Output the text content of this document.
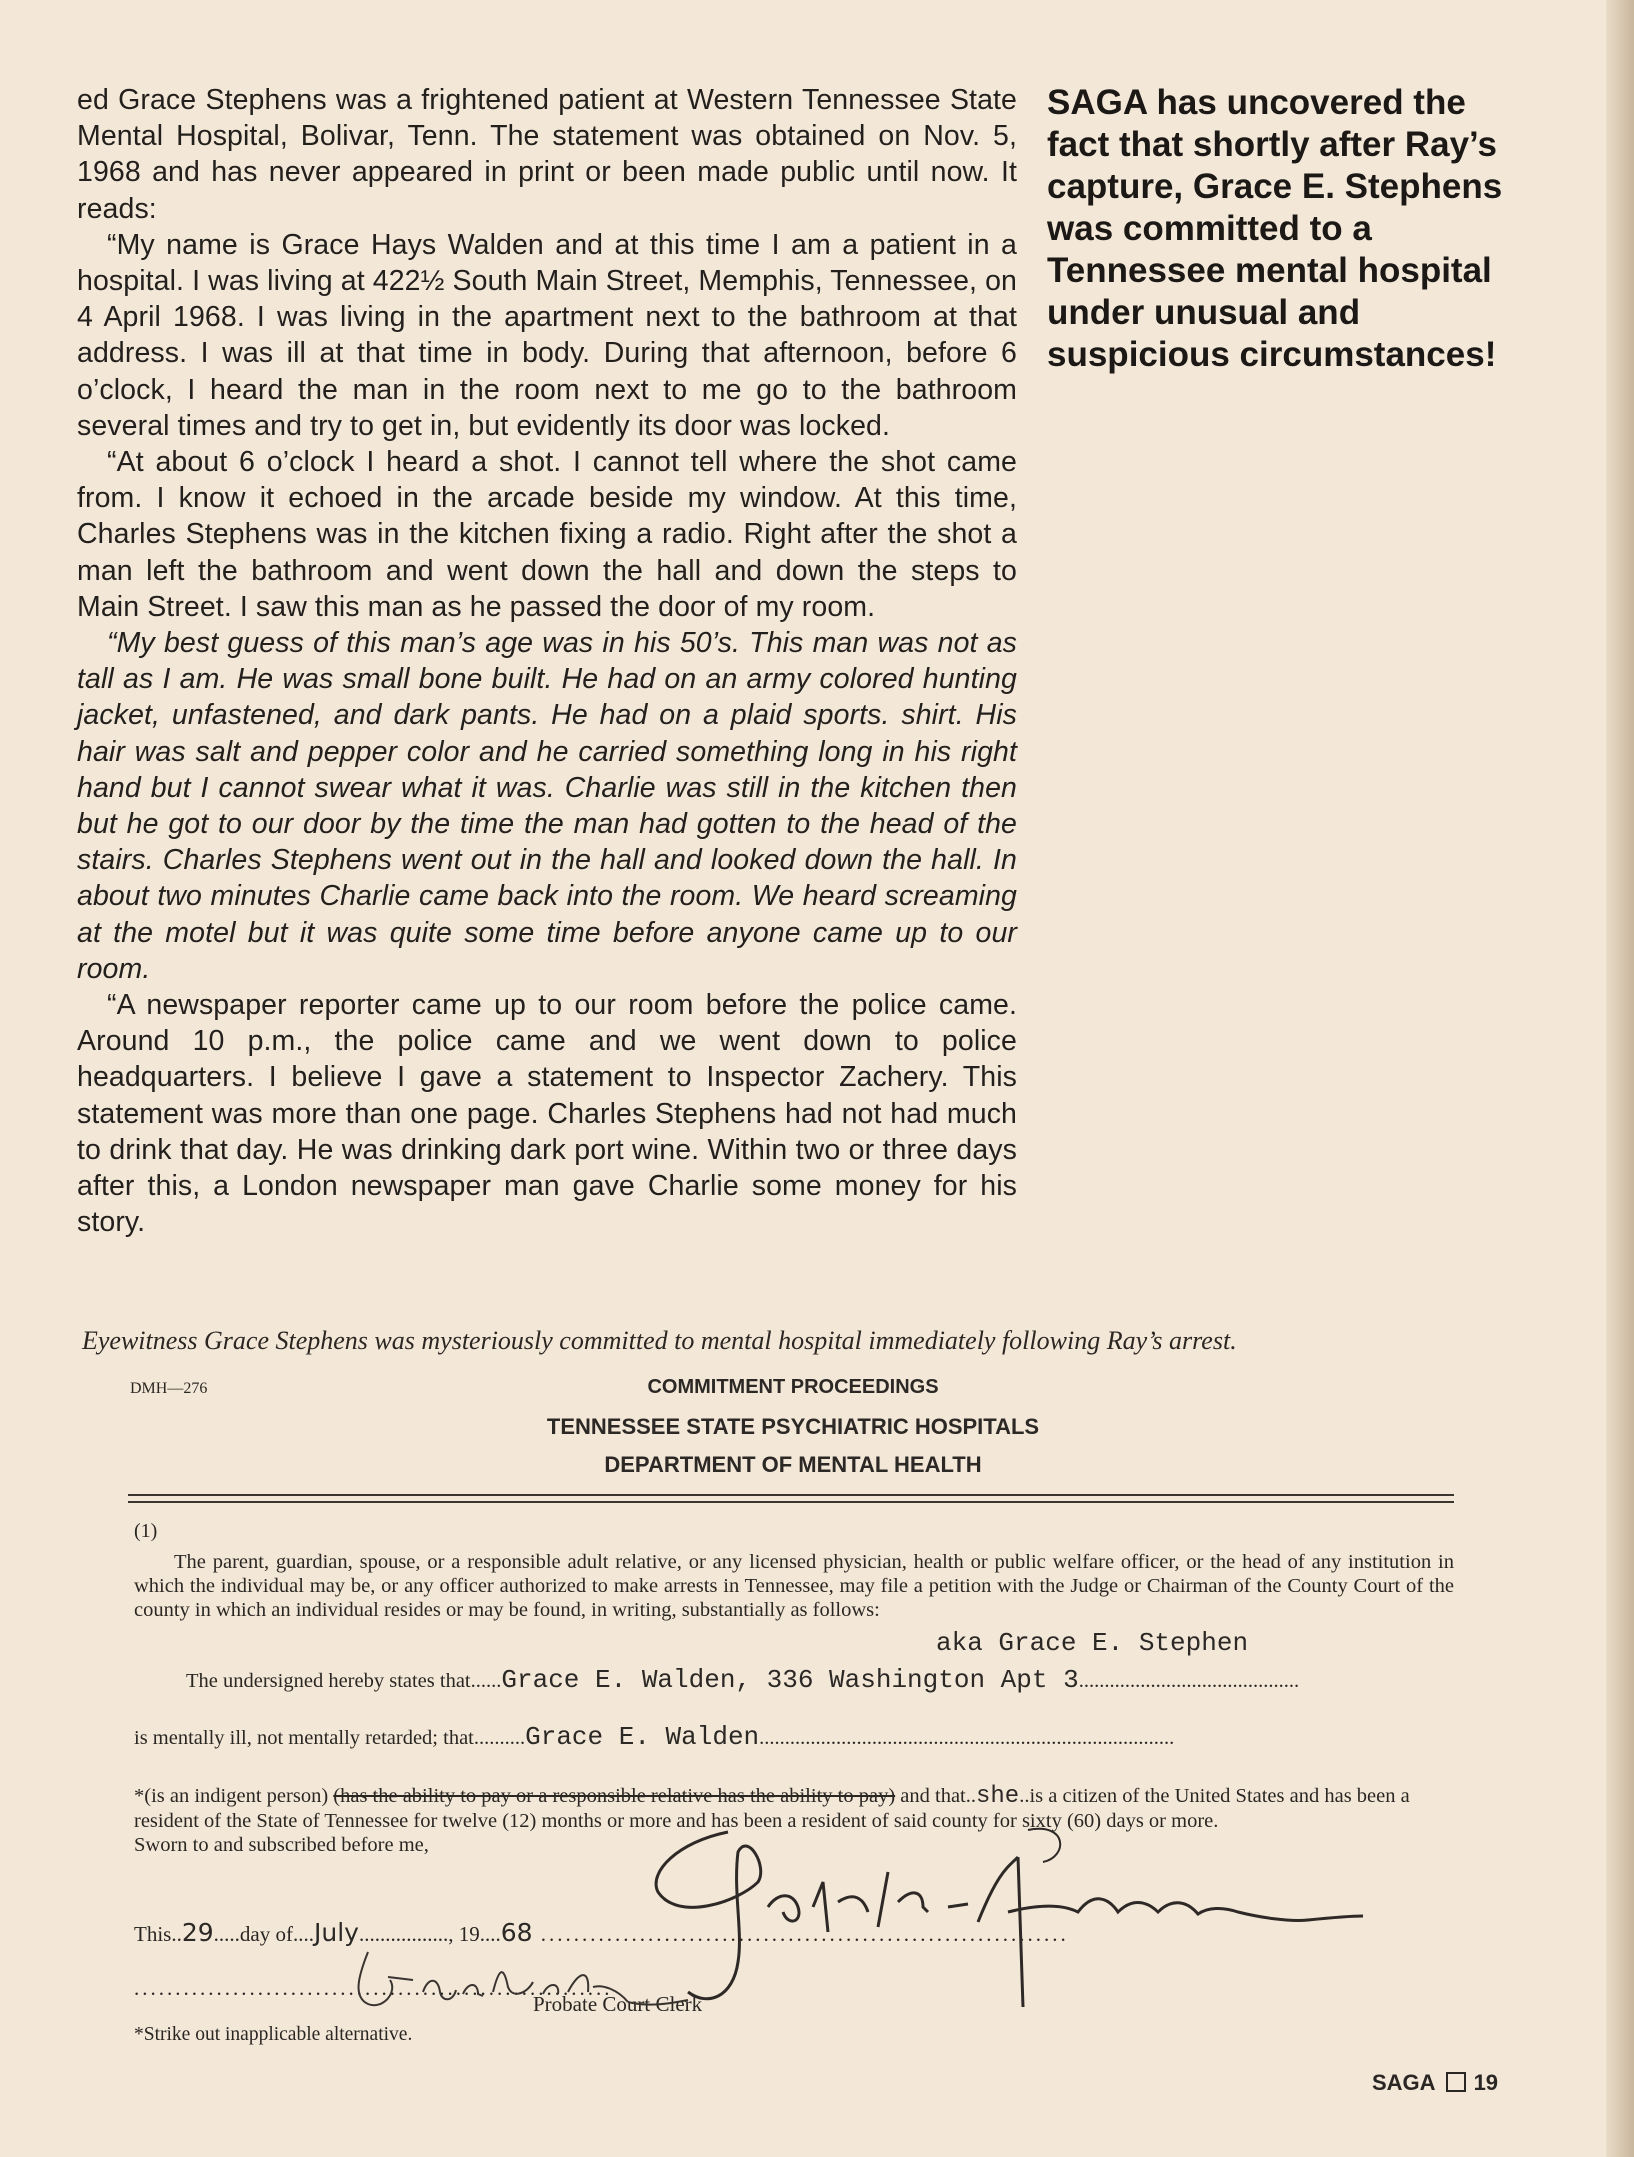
ed Grace Stephens was a frightened patient at Western Tennessee State Mental Hospital, Bolivar, Tenn. The statement was obtained on Nov. 5, 1968 and has never appeared in print or been made public until now. It reads:

“My name is Grace Hays Walden and at this time I am a patient in a hospital. I was living at 422½ South Main Street, Memphis, Tennessee, on 4 April 1968. I was living in the apartment next to the bathroom at that address. I was ill at that time in body. During that afternoon, before 6 o’clock, I heard the man in the room next to me go to the bathroom several times and try to get in, but evidently its door was locked.

“At about 6 o’clock I heard a shot. I cannot tell where the shot came from. I know it echoed in the arcade beside my window. At this time, Charles Stephens was in the kitchen fixing a radio. Right after the shot a man left the bathroom and went down the hall and down the steps to Main Street. I saw this man as he passed the door of my room.

“My best guess of this man’s age was in his 50’s. This man was not as tall as I am. He was small bone built. He had on an army colored hunting jacket, unfastened, and dark pants. He had on a plaid sports. shirt. His hair was salt and pepper color and he carried something long in his right hand but I cannot swear what it was. Charlie was still in the kitchen then but he got to our door by the time the man had gotten to the head of the stairs. Charles Stephens went out in the hall and looked down the hall. In about two minutes Charlie came back into the room. We heard screaming at the motel but it was quite some time before anyone came up to our room.

“A newspaper reporter came up to our room before the police came. Around 10 p.m., the police came and we went down to police headquarters. I believe I gave a statement to Inspector Zachery. This statement was more than one page. Charles Stephens had not had much to drink that day. He was drinking dark port wine. Within two or three days after this, a London newspaper man gave Charlie some money for his story.

SAGA has uncovered the fact that shortly after Ray’s capture, Grace E. Stephens was committed to a Tennessee mental hospital under unusual and suspicious circumstances!
Eyewitness Grace Stephens was mysteriously committed to mental hospital immediately following Ray’s arrest.
DMH—276	COMMITMENT PROCEEDINGS
TENNESSEE STATE PSYCHIATRIC HOSPITALS
DEPARTMENT OF MENTAL HEALTH
(1)
The parent, guardian, spouse, or a responsible adult relative, or any licensed physician, health or public welfare officer, or the head of any institution in which the individual may be, or any officer authorized to make arrests in Tennessee, may file a petition with the Judge or Chairman of the County Court of the county in which an individual resides or may be found, in writing, substantially as follows:
aka Grace E. Stephen
The undersigned hereby states that......Grace E. Walden, 336 Washington Apt 3...........................................
is mentally ill, not mentally retarded; that..........Grace E. Walden.................................................................................
*(is an indigent person) (has the ability to pay or a responsible relative has the ability to pay) and that..she..is a citizen of the United States and has been a resident of the State of Tennessee for twelve (12) months or more and has been a resident of said county for sixty (60) days or more.
Sworn to and subscribed before me,
This..29.....day of....July................., 19....68 ................................................................
..........................................................
Probate Court Clerk
*Strike out inapplicable alternative.
SAGA 19
